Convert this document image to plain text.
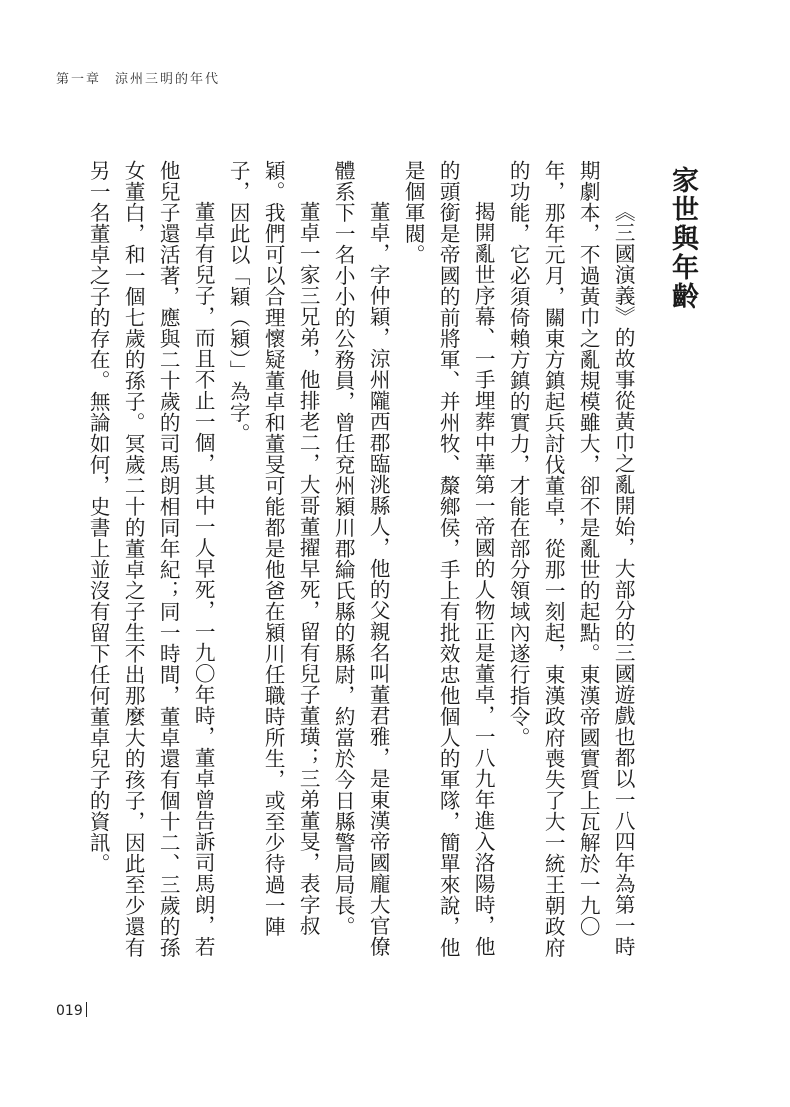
第一章 涼州三明的年代
家世與年齡

《三國演義》的故事從黃巾之亂開始，大部分的三國遊戲也都以一八四年為第一時期劇本，不過黃巾之亂規模雖大，卻不是亂世的起點。東漢帝國實質上瓦解於一九〇年，那年元月，關東方鎮起兵討伐董卓，從那一刻起，東漢政府喪失了大一統王朝政府的功能，它必須倚賴方鎮的實力，才能在部分領域內遂行指令。

揭開亂世序幕、一手埋葬中華第一帝國的人物正是董卓，一八九年進入洛陽時，他的頭銜是帝國的前將軍、并州牧、斄鄉侯，手上有批效忠他個人的軍隊，簡單來說，他是個軍閥。

董卓，字仲穎，涼州隴西郡臨洮縣人，他的父親名叫董君雅，是東漢帝國龐大官僚體系下一名小小的公務員，曾任兗州潁川郡綸氏縣的縣尉，約當於今日縣警局局長。

董卓一家三兄弟，他排老二，大哥董擢早死，留有兒子董璜；三弟董旻，表字叔穎。我們可以合理懷疑董卓和董旻可能都是他爸在潁川任職時所生，或至少待過一陣子，因此以「穎（潁）」為字。

董卓有兒子，而且不止一個，其中一人早死，一九〇年時，董卓曾告訴司馬朗，若他兒子還活著，應與二十歲的司馬朗相同年紀；同一時間，董卓還有個十二、三歲的孫女董白，和一個七歲的孫子。冥歲二十的董卓之子生不出那麼大的孩子，因此至少還有另一名董卓之子的存在。無論如何，史書上並沒有留下任何董卓兒子的資訊。

019
